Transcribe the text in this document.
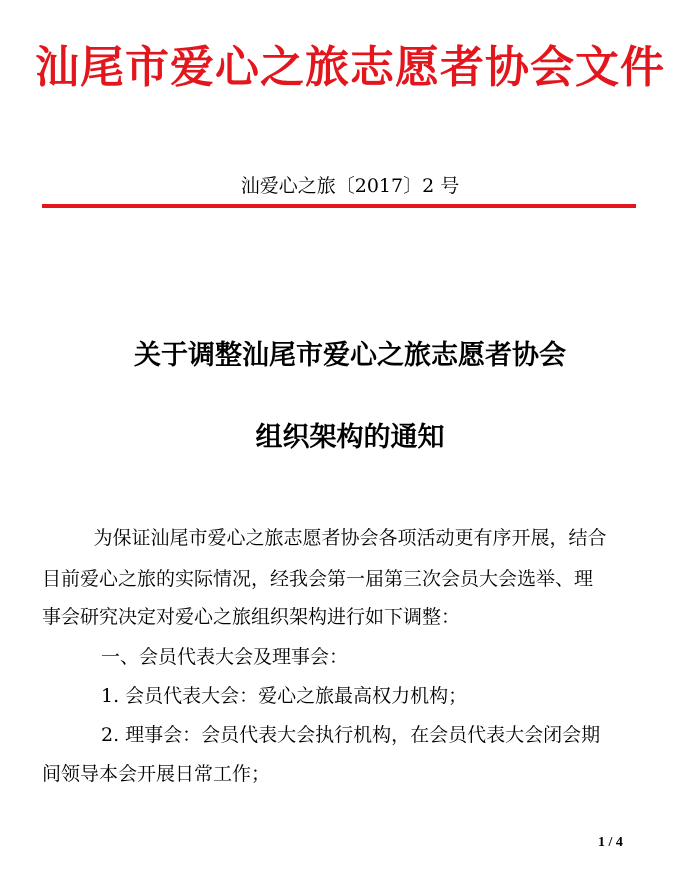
汕尾市爱心之旅志愿者协会文件
汕爱心之旅〔2017〕2 号
关于调整汕尾市爱心之旅志愿者协会
组织架构的通知
为保证汕尾市爱心之旅志愿者协会各项活动更有序开展，结合
目前爱心之旅的实际情况，经我会第一届第三次会员大会选举、理
事会研究决定对爱心之旅组织架构进行如下调整：
一、会员代表大会及理事会：
1. 会员代表大会：爱心之旅最高权力机构；
2. 理事会：会员代表大会执行机构，在会员代表大会闭会期
间领导本会开展日常工作；
1 / 4
